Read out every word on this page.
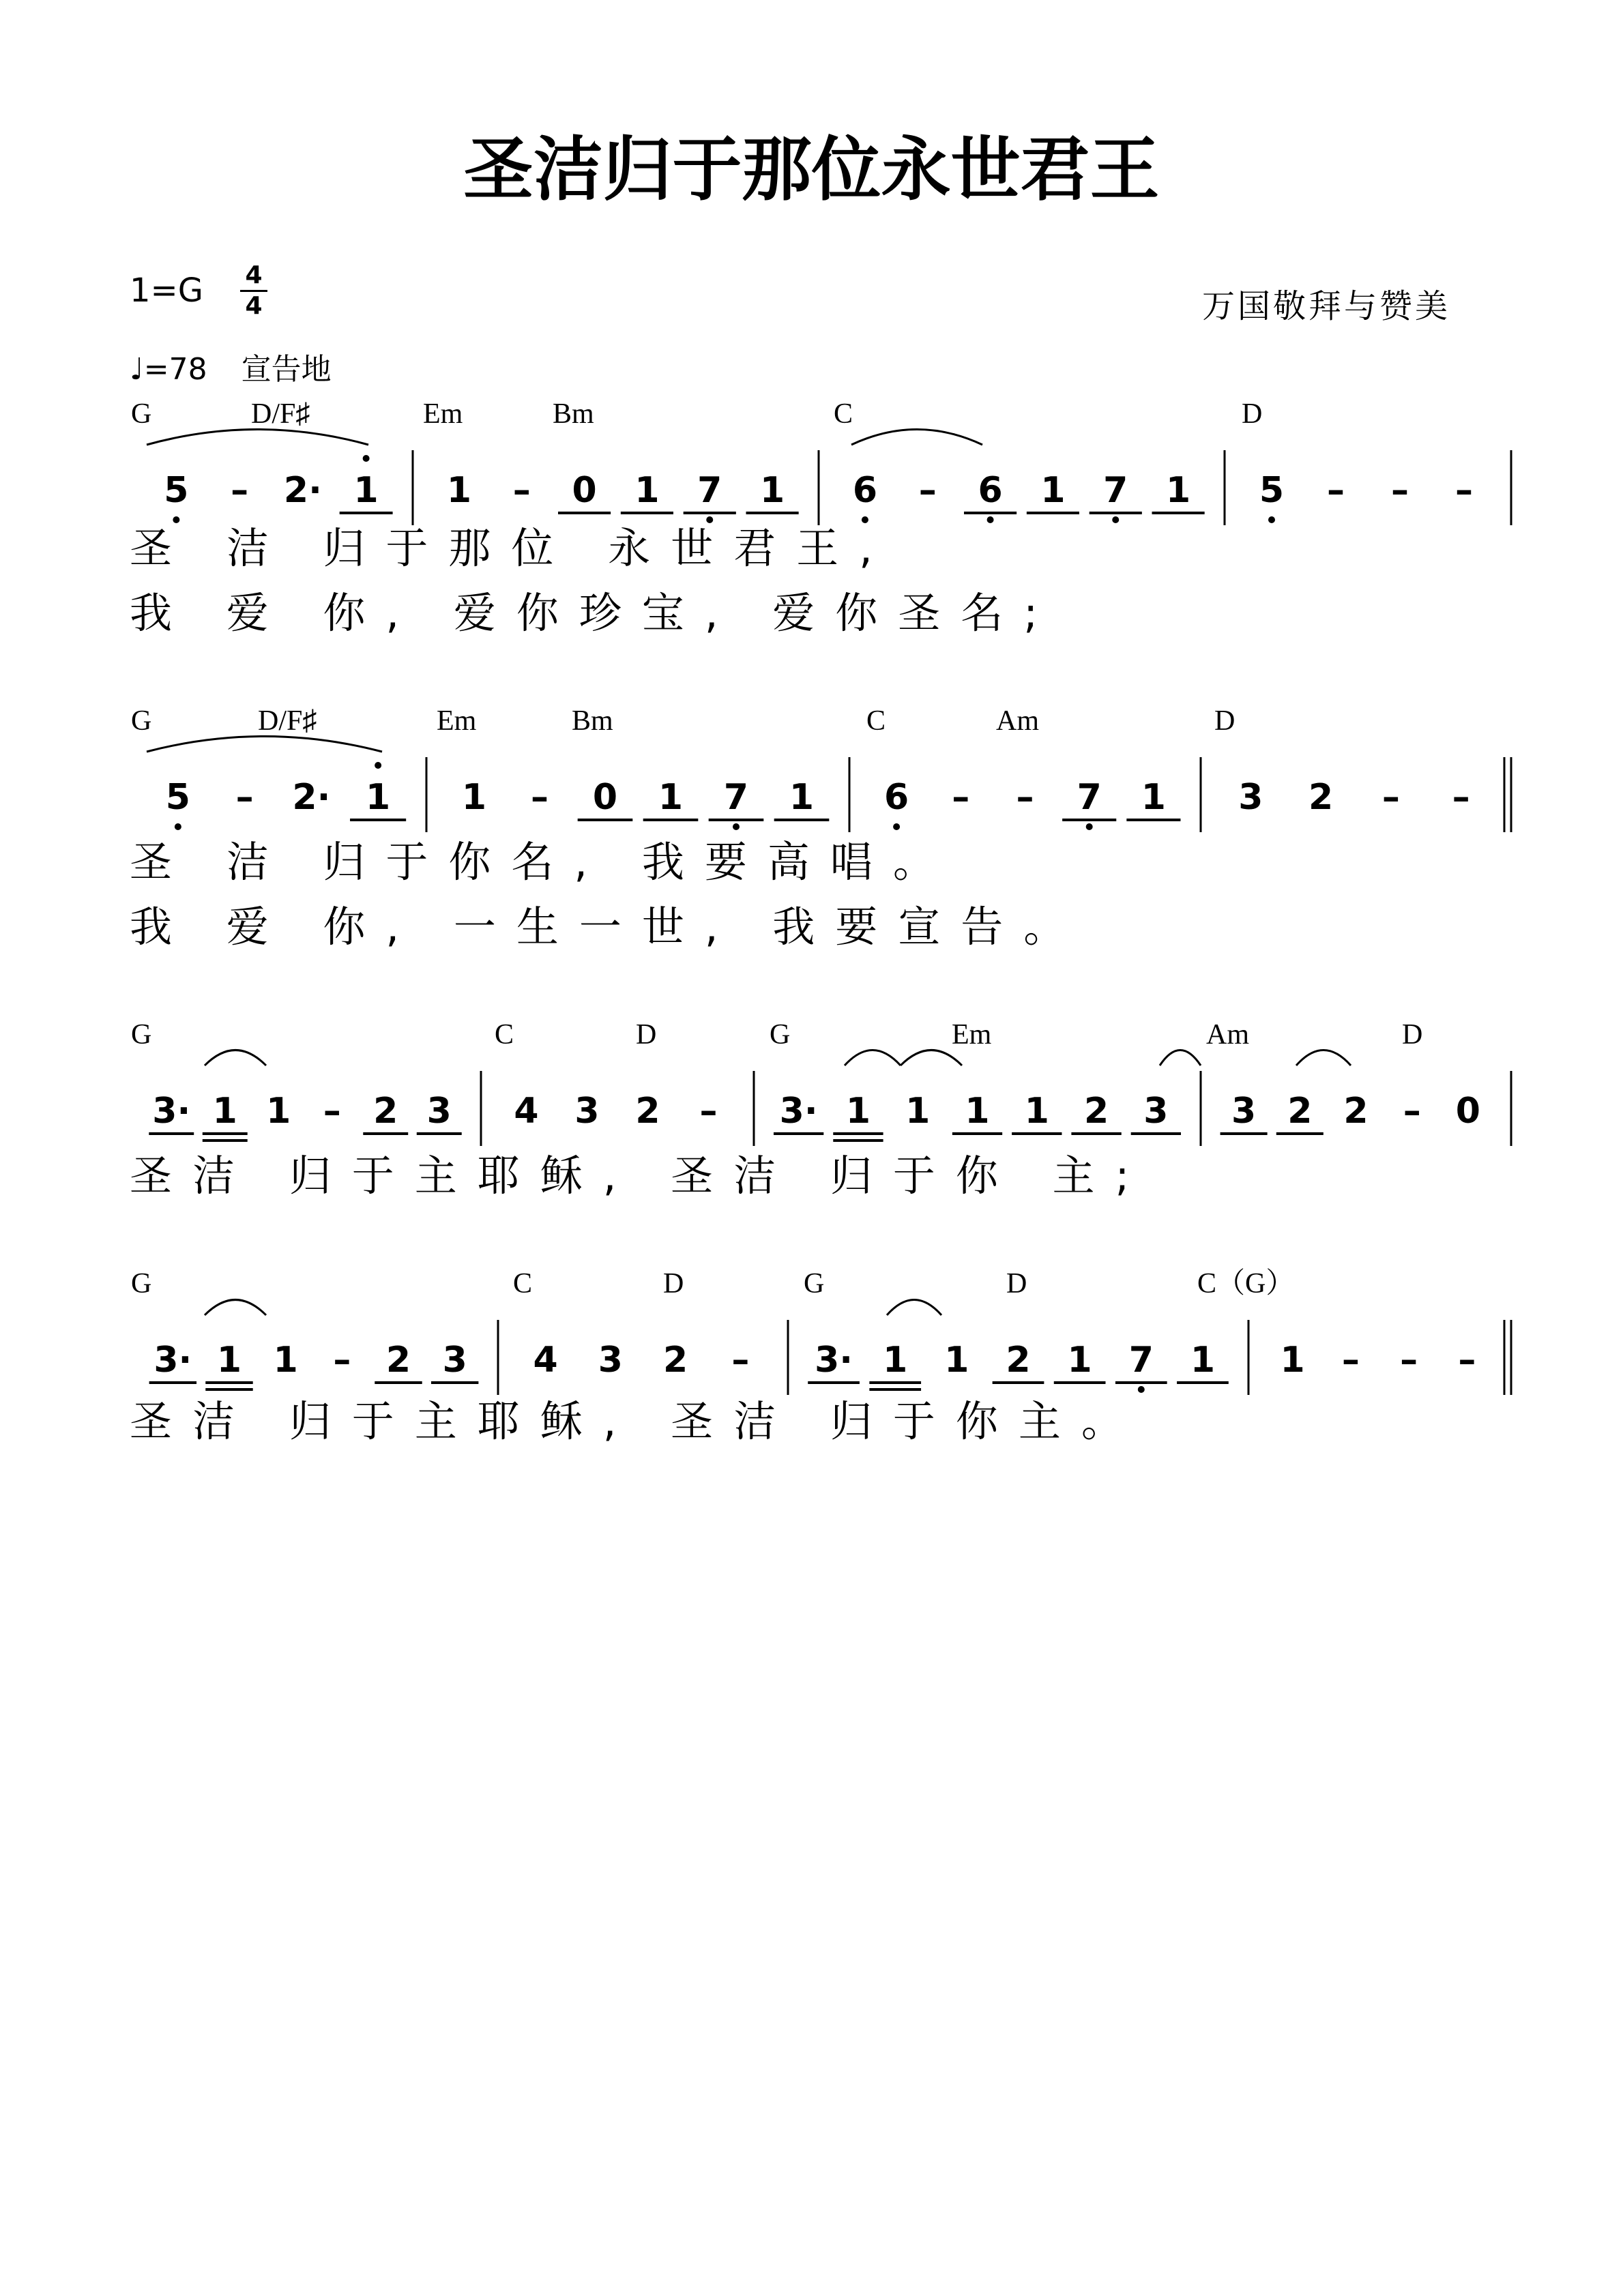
圣洁归于那位永世君王
1=G 4
4
♩=78 宣告地
万国敬拜与赞美
G	D/F♯	Em	Bm	C	D
5 – 2· 1 1 – 0 1 7 1 6 – 6 1 7 1 5 – – –
圣 洁 归于那位 永世君王,
我 爱 你, 爱你珍宝, 爱你圣名;
G	D/F♯	Em	Bm	C	Am	D
5 – 2· 1 1 – 0 1 7 1 6 – – 7 1 3 2 – –
圣 洁 归于你名, 我要高唱。
我 爱 你, 一生一世, 我要宣告。
G	C	D	G	Em	Am	D
3· 1 1 – 2 3 4 3 2 – 3· 1 1 1 1 2 3 3 2 2 – 0
圣洁 归于主耶稣, 圣洁 归于你 主;
G	C	D	G	D	C（G）
3· 1 1 – 2 3 4 3 2 – 3· 1 1 2 1 7 1 1 – – –
圣洁 归于主耶稣, 圣洁 归于你主。
